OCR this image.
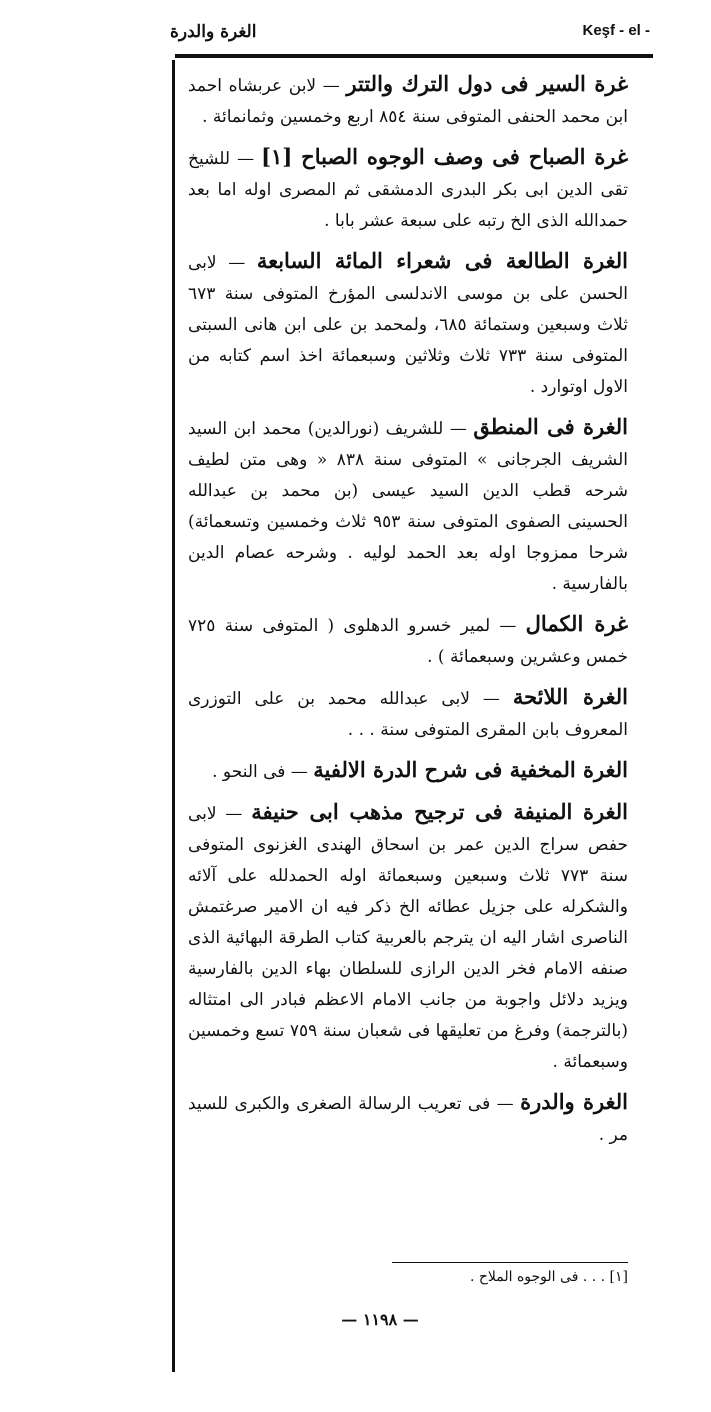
الغرة والدرة	Keşf - el -

غرة السير فى دول الترك والتتر — لابن عربشاه احمد ابن محمد الحنفى المتوفى سنة ٨٥٤ اربع وخمسين وثمانمائة .

غرة الصباح فى وصف الوجوه الصباح [١] — للشيخ تقى الدين ابى بكر البدرى الدمشقى ثم المصرى اوله اما بعد حمدالله الذى الخ رتبه على سبعة عشر بابا .

الغرة الطالعة فى شعراء المائة السابعة — لابى الحسن على بن موسى الاندلسى المؤرخ المتوفى سنة ٦٧٣ ثلاث وسبعين وستمائة ٦٨٥، ولمحمد بن على ابن هانى السبتى المتوفى سنة ٧٣٣ ثلاث وثلاثين وسبعمائة اخذ اسم كتابه من الاول اوتوارد .

الغرة فى المنطق — للشريف (نورالدين) محمد ابن السيد الشريف الجرجانى » المتوفى سنة ٨٣٨ « وهى متن لطيف شرحه قطب الدين السيد عيسى (بن محمد بن عبدالله الحسينى الصفوى المتوفى سنة ٩٥٣ ثلاث وخمسين وتسعمائة) شرحا ممزوجا اوله بعد الحمد لوليه . وشرحه عصام الدين بالفارسية .

غرة الكمال — لمير خسرو الدهلوى ( المتوفى سنة ٧٢٥ خمس وعشرين وسبعمائة ) .

الغرة اللائحة — لابى عبدالله محمد بن على التوزرى المعروف بابن المقرى المتوفى سنة . . .

الغرة المخفية فى شرح الدرة الالفية — فى النحو .

الغرة المنيفة فى ترجيح مذهب ابى حنيفة — لابى حفص سراج الدين عمر بن اسحاق الهندى الغزنوى المتوفى سنة ٧٧٣ ثلاث وسبعين وسبعمائة اوله الحمدلله على آلائه والشكرله على جزيل عطائه الخ ذكر فيه ان الامير صرغتمش الناصرى اشار اليه ان يترجم بالعربية كتاب الطرقة البهائية الذى صنفه الامام فخر الدين الرازى للسلطان بهاء الدين بالفارسية ويزيد دلائل واجوبة من جانب الامام الاعظم فبادر الى امتثاله (بالترجمة) وفرغ من تعليقها فى شعبان سنة ٧٥٩ تسع وخمسين وسبعمائة .

الغرة والدرة — فى تعريب الرسالة الصغرى والكبرى للسيد مر .

[١] . . . فى الوجوه الملاح .
— ١١٩٨ —
